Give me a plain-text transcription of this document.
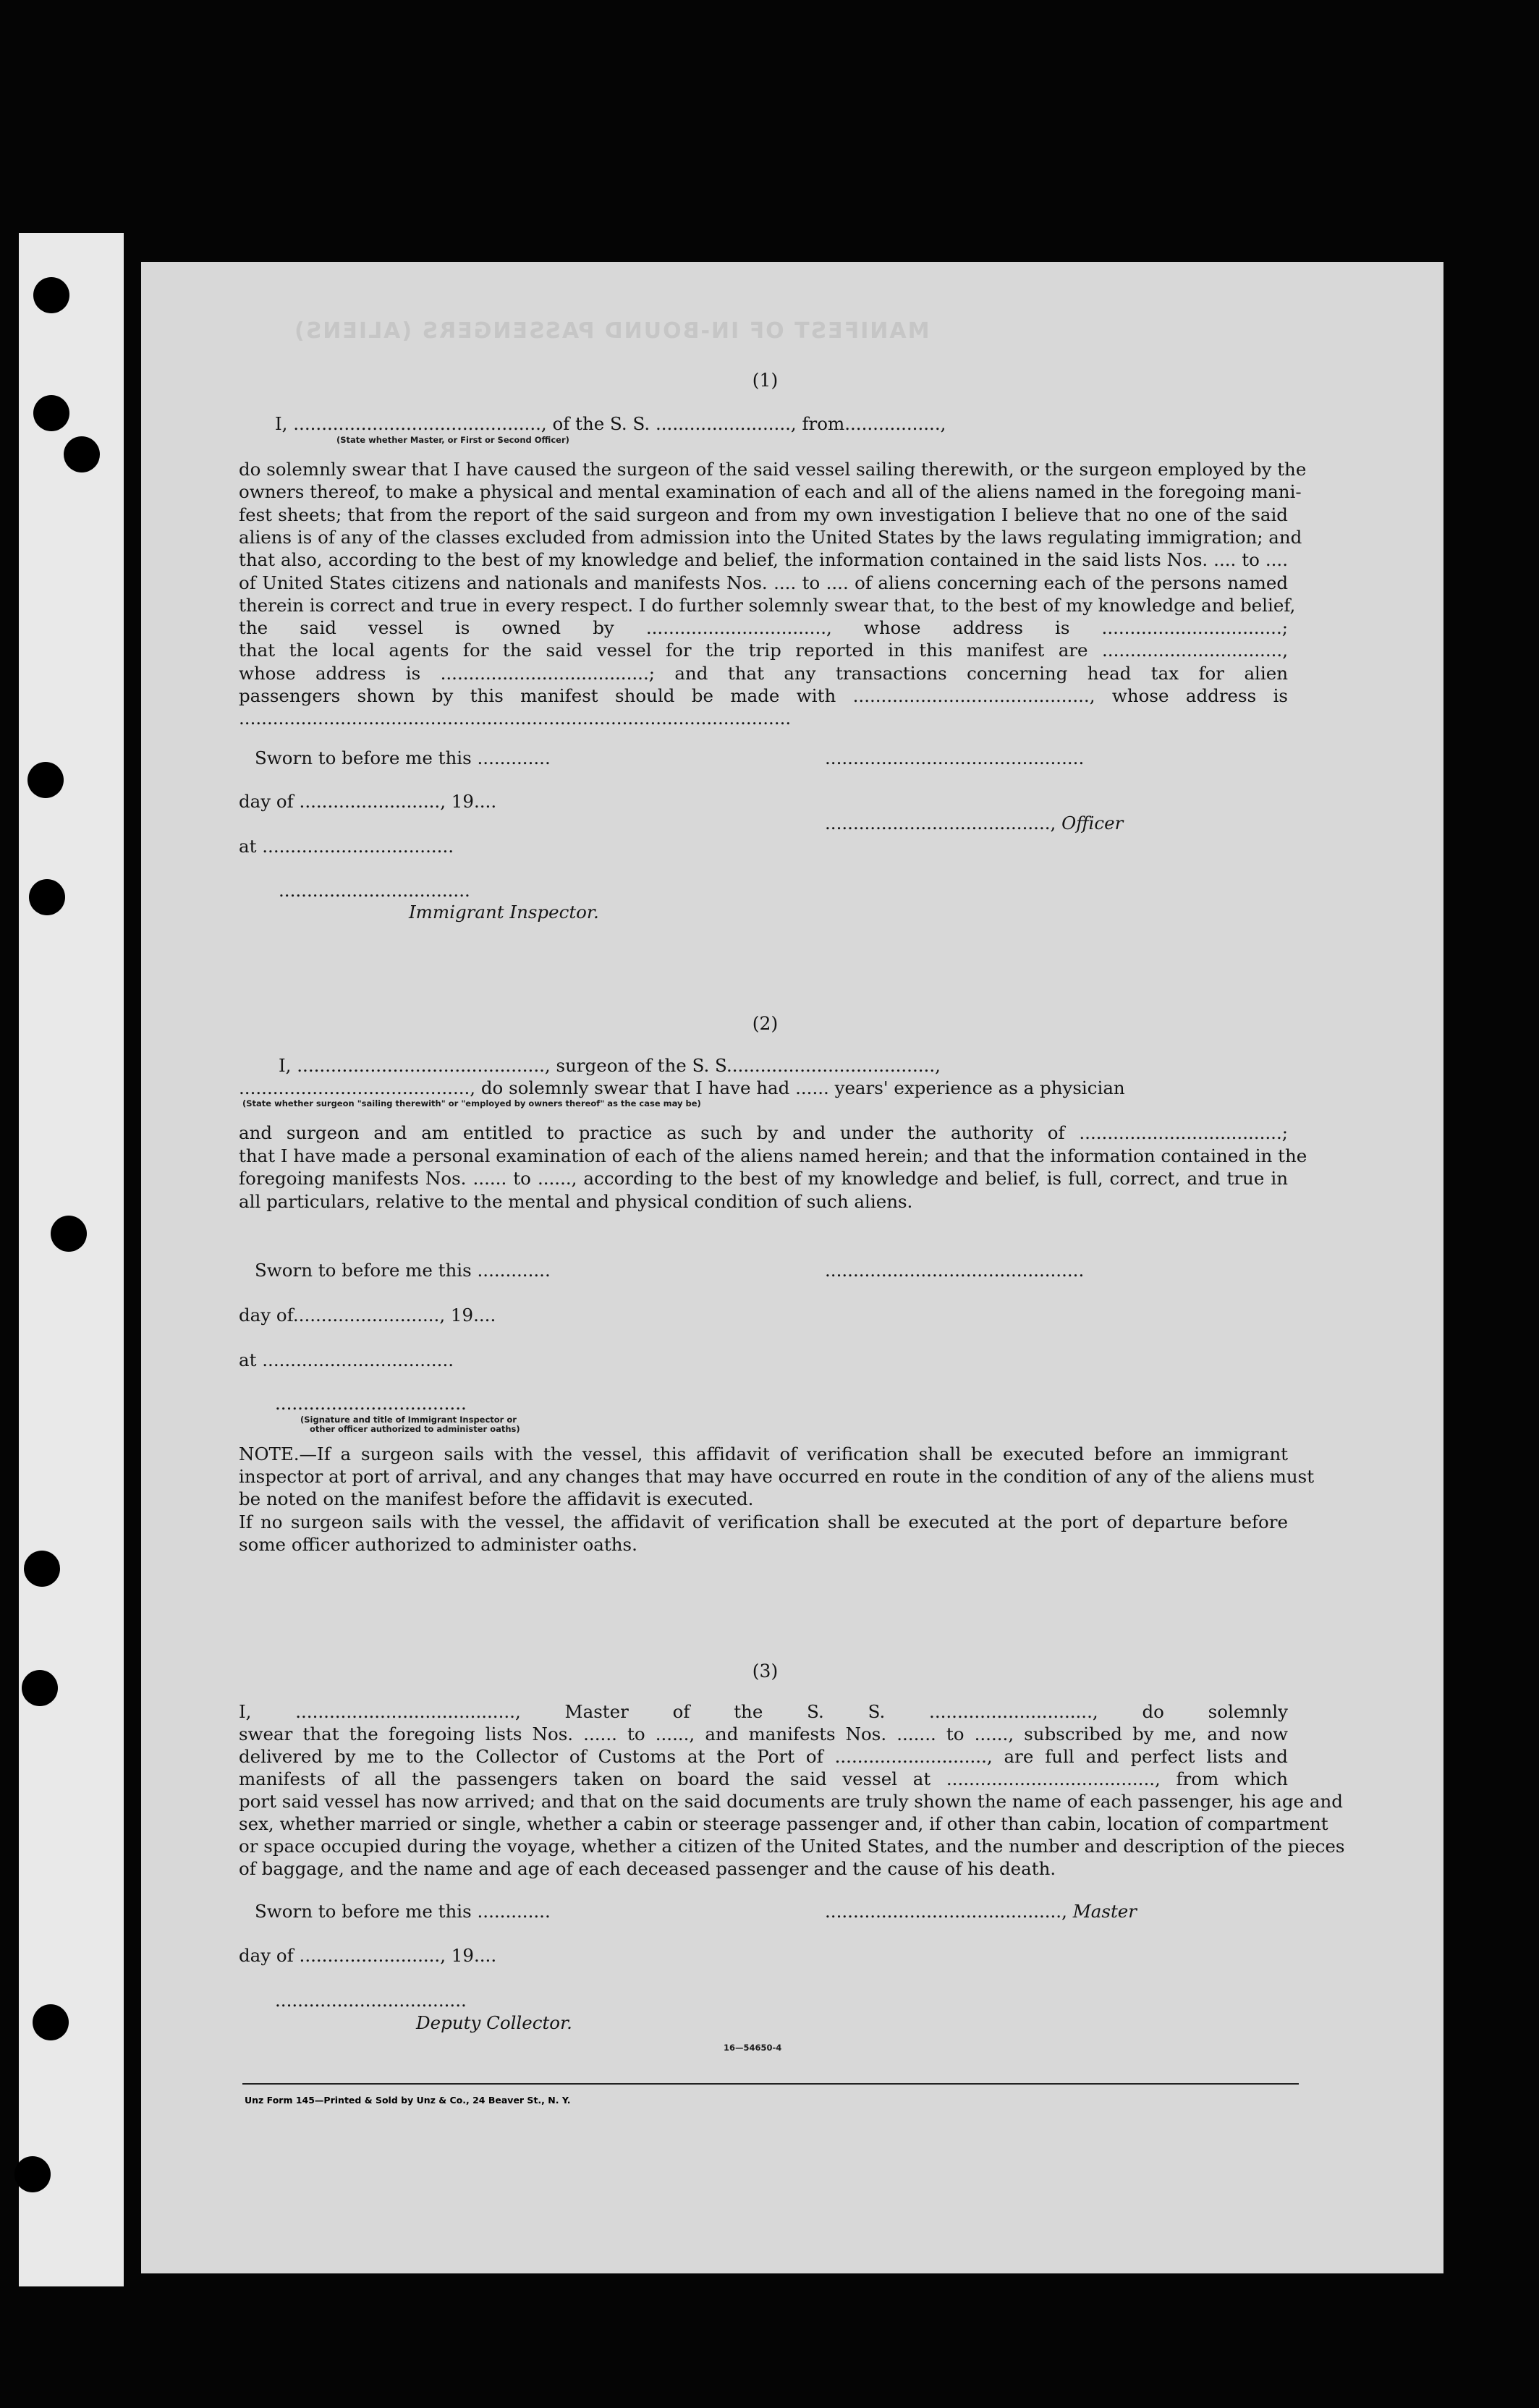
MANIFEST OF IN-BOUND PASSENGERS (ALIENS)
(1)
I, ............................................, of the S. S. ........................, from.................,
(State whether Master, or First or Second Officer)
do solemnly swear that I have caused the surgeon of the said vessel sailing therewith, or the surgeon employed by the
owners thereof, to make a physical and mental examination of each and all of the aliens named in the foregoing mani-
fest sheets; that from the report of the said surgeon and from my own investigation I believe that no one of the said
aliens is of any of the classes excluded from admission into the United States by the laws regulating immigration; and
that also, according to the best of my knowledge and belief, the information contained in the said lists Nos. .... to ....
of United States citizens and nationals and manifests Nos. .... to .... of aliens concerning each of the persons named
therein is correct and true in every respect. I do further solemnly swear that, to the best of my knowledge and belief,
the said vessel is owned by ................................, whose address is ................................;
that the local agents for the said vessel for the trip reported in this manifest are ................................,
whose address is .....................................; and that any transactions concerning head tax for alien
passengers shown by this manifest should be made with .........................................., whose address is
..................................................................................................
Sworn to before me this .............	..............................................
day of ........................., 19....
........................................, Officer
at ..................................
..................................
Immigrant Inspector.
(2)
I, ............................................, surgeon of the S. S.....................................,
........................................., do solemnly swear that I have had ...... years' experience as a physician
(State whether surgeon "sailing therewith" or "employed by owners thereof" as the case may be)
and surgeon and am entitled to practice as such by and under the authority of ....................................;
that I have made a personal examination of each of the aliens named herein; and that the information contained in the
foregoing manifests Nos. ...... to ......, according to the best of my knowledge and belief, is full, correct, and true in
all particulars, relative to the mental and physical condition of such aliens.
Sworn to before me this .............	..............................................
day of.........................., 19....
at ..................................
..................................
(Signature and title of Immigrant Inspector or
other officer authorized to administer oaths)
NOTE.—If a surgeon sails with the vessel, this affidavit of verification shall be executed before an immigrant
inspector at port of arrival, and any changes that may have occurred en route in the condition of any of the aliens must
be noted on the manifest before the affidavit is executed.
If no surgeon sails with the vessel, the affidavit of verification shall be executed at the port of departure before
some officer authorized to administer oaths.
(3)
I, ......................................., Master of the S. S. ............................., do solemnly
swear that the foregoing lists Nos. ...... to ......, and manifests Nos. ....... to ......, subscribed by me, and now
delivered by me to the Collector of Customs at the Port of ..........................., are full and perfect lists and
manifests of all the passengers taken on board the said vessel at ....................................., from which
port said vessel has now arrived; and that on the said documents are truly shown the name of each passenger, his age and
sex, whether married or single, whether a cabin or steerage passenger and, if other than cabin, location of compartment
or space occupied during the voyage, whether a citizen of the United States, and the number and description of the pieces
of baggage, and the name and age of each deceased passenger and the cause of his death.
Sworn to before me this .............	.........................................., Master
day of ........................., 19....
..................................
Deputy Collector.
16—54650-4
Unz Form 145—Printed & Sold by Unz & Co., 24 Beaver St., N. Y.
